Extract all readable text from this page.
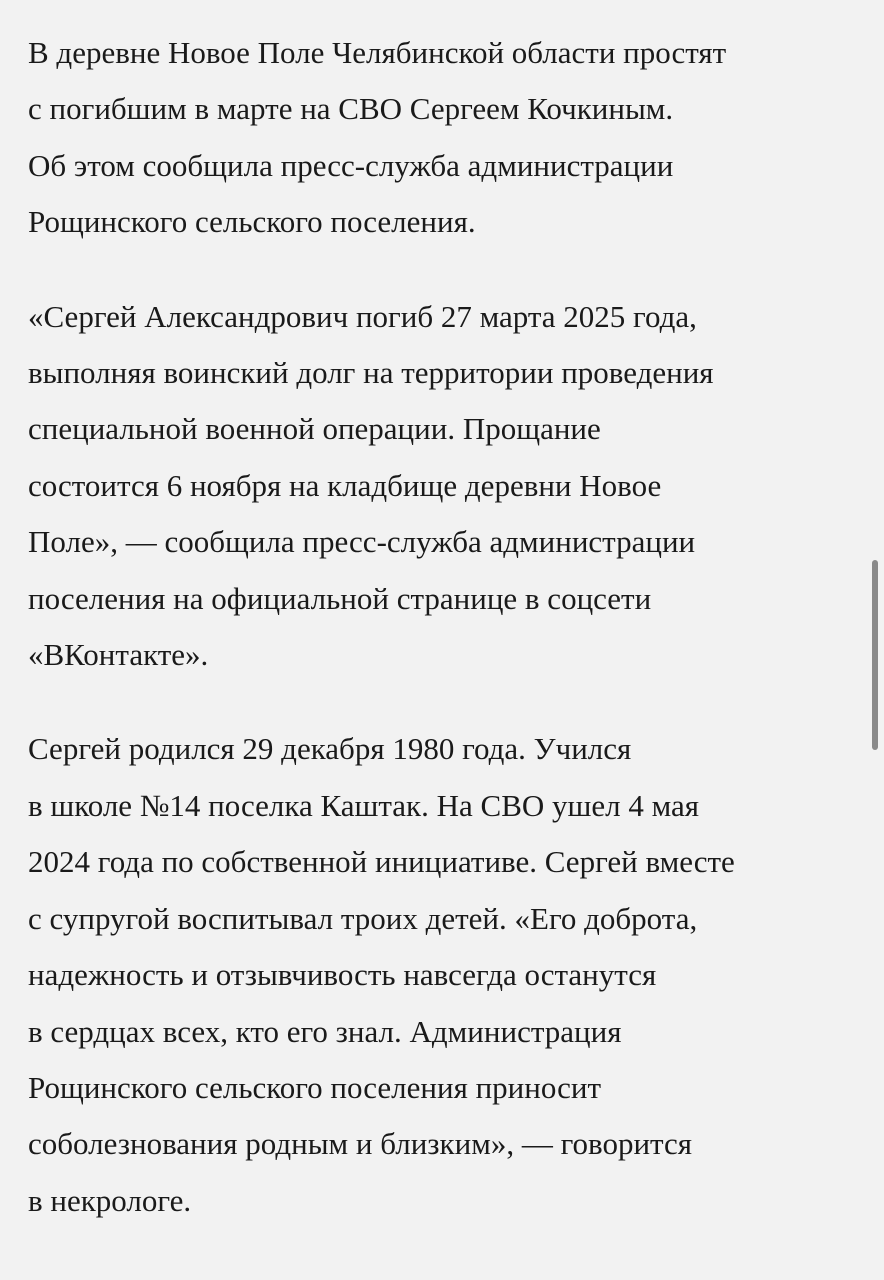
В деревне Новое Поле Челябинской области простят
с погибшим в марте на СВО Сергеем Кочкиным.
Об этом сообщила пресс-служба администрации
Рощинского сельского поселения.

«Сергей Александрович погиб 27 марта 2025 года,
выполняя воинский долг на территории проведения
специальной военной операции. Прощание
состоится 6 ноября на кладбище деревни Новое
Поле», — сообщила пресс-служба администрации
поселения на официальной странице в соцсети
«ВКонтакте».

Сергей родился 29 декабря 1980 года. Учился
в школе №14 поселка Каштак. На СВО ушел 4 мая
2024 года по собственной инициативе. Сергей вместе
с супругой воспитывал троих детей. «Его доброта,
надежность и отзывчивость навсегда останутся
в сердцах всех, кто его знал. Администрация
Рощинского сельского поселения приносит
соболезнования родным и близким», — говорится
в некрологе.
